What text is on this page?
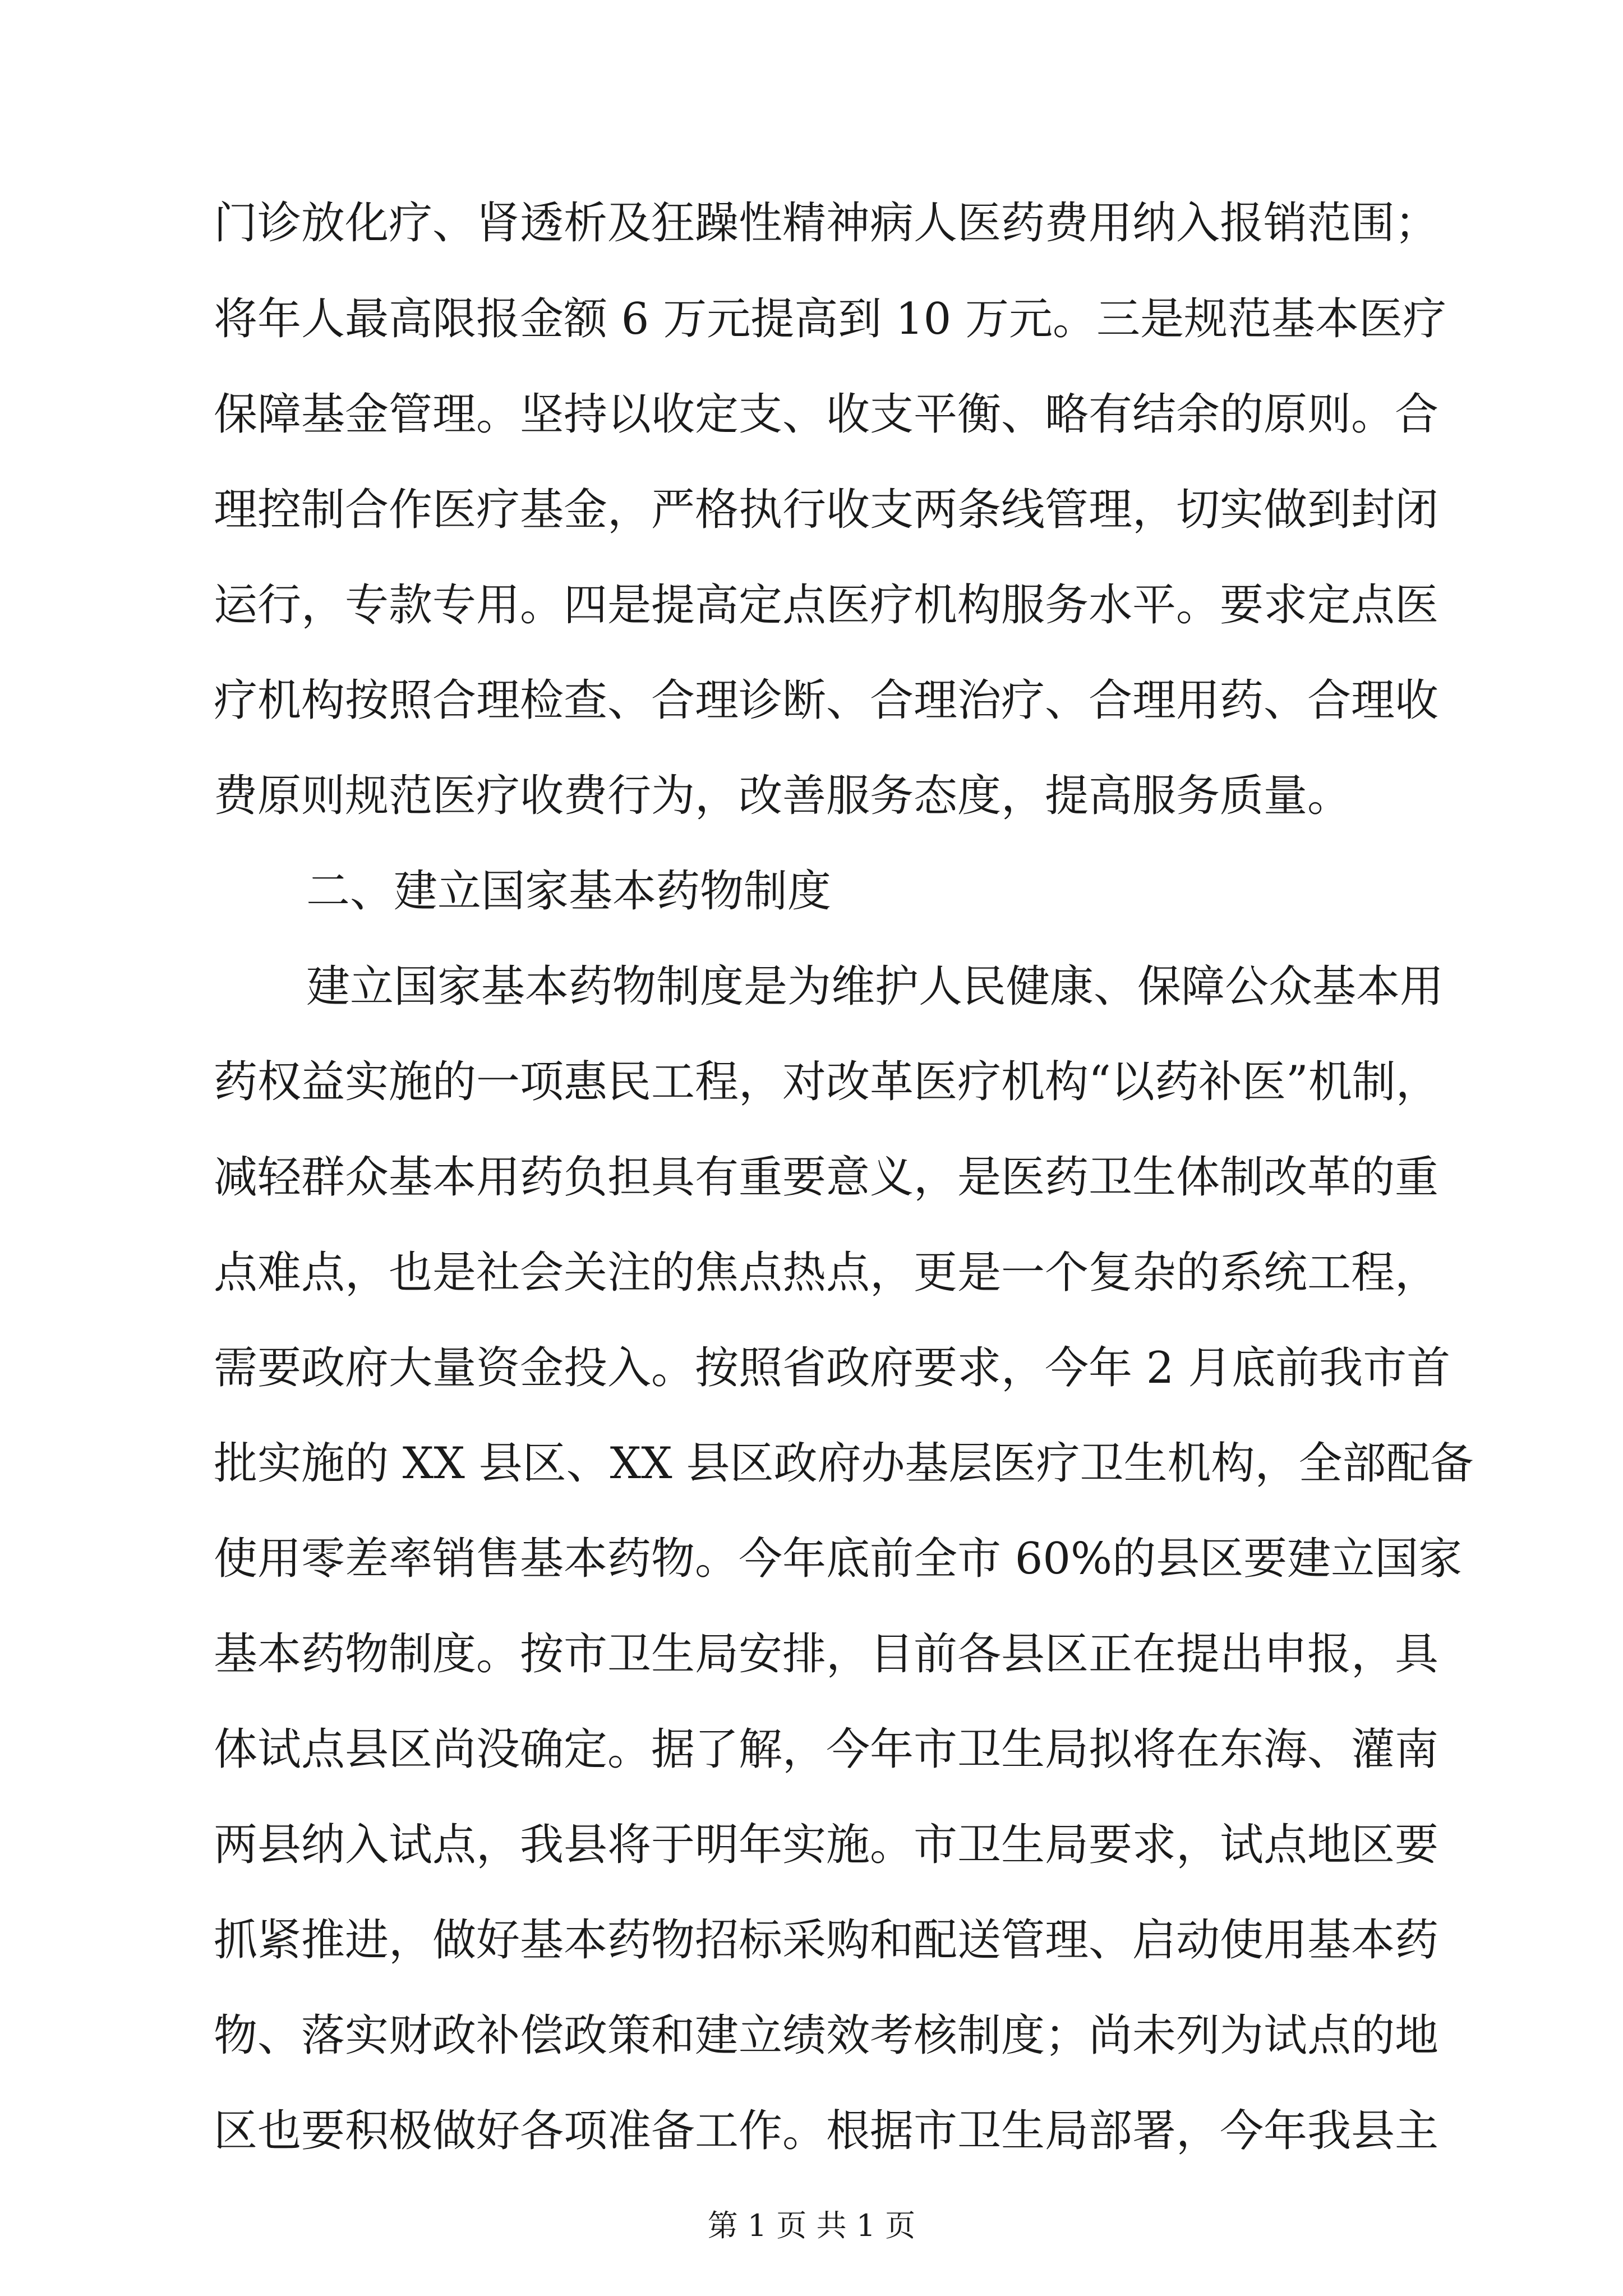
门诊放化疗、肾透析及狂躁性精神病人医药费用纳入报销范围；
将年人最高限报金额 6 万元提高到 10 万元。三是规范基本医疗
保障基金管理。坚持以收定支、收支平衡、略有结余的原则。合
理控制合作医疗基金，严格执行收支两条线管理，切实做到封闭
运行，专款专用。四是提高定点医疗机构服务水平。要求定点医
疗机构按照合理检查、合理诊断、合理治疗、合理用药、合理收
费原则规范医疗收费行为，改善服务态度，提高服务质量。
二、建立国家基本药物制度
建立国家基本药物制度是为维护人民健康、保障公众基本用
药权益实施的一项惠民工程，对改革医疗机构“以药补医”机制，
减轻群众基本用药负担具有重要意义，是医药卫生体制改革的重
点难点，也是社会关注的焦点热点，更是一个复杂的系统工程，
需要政府大量资金投入。按照省政府要求，今年 2 月底前我市首
批实施的 XX 县区、XX 县区政府办基层医疗卫生机构，全部配备
使用零差率销售基本药物。今年底前全市 60%的县区要建立国家
基本药物制度。按市卫生局安排，目前各县区正在提出申报，具
体试点县区尚没确定。据了解，今年市卫生局拟将在东海、灌南
两县纳入试点，我县将于明年实施。市卫生局要求，试点地区要
抓紧推进，做好基本药物招标采购和配送管理、启动使用基本药
物、落实财政补偿政策和建立绩效考核制度；尚未列为试点的地
区也要积极做好各项准备工作。根据市卫生局部署，今年我县主
第 1 页 共 1 页
